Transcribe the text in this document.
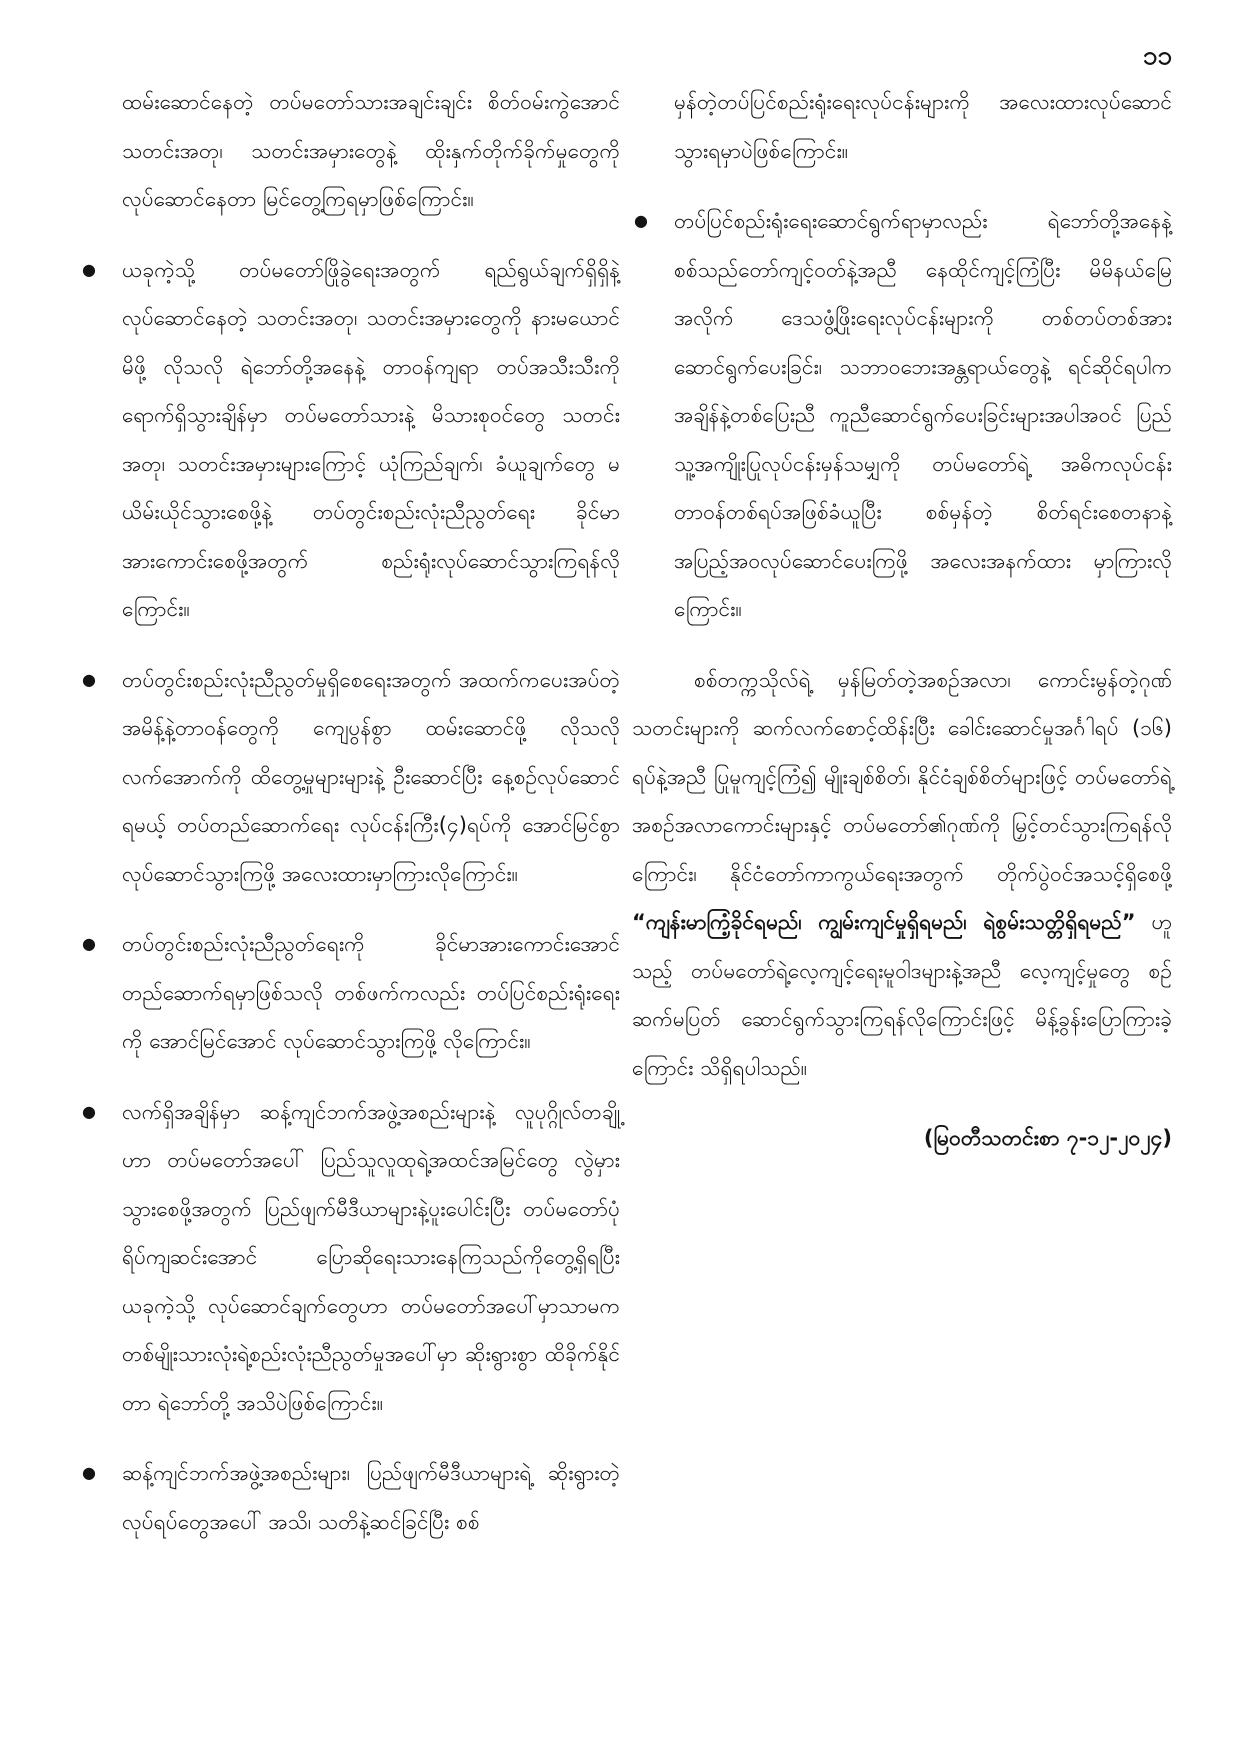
၁၁

ထမ်းဆောင်နေတဲ့ တပ်မတော်သားအချင်းချင်း စိတ်ဝမ်းကွဲအောင် သတင်းအတု၊ သတင်းအမှားတွေနဲ့ ထိုးနှက်တိုက်ခိုက်မှုတွေကို လုပ်ဆောင်နေတာ မြင်တွေ့ကြရမှာဖြစ်ကြောင်း။

● ယခုကဲ့သို့ တပ်မတော်ဖြိုခွဲရေးအတွက် ရည်ရွယ်ချက်ရှိရှိနဲ့ လုပ်ဆောင်နေတဲ့ သတင်းအတု၊ သတင်းအမှားတွေကို နားမယောင်မိဖို့ လိုသလို ရဲဘော်တို့အနေနဲ့ တာဝန်ကျရာ တပ်အသီးသီးကို ရောက်ရှိသွားချိန်မှာ တပ်မတော်သားနဲ့ မိသားစုဝင်တွေ သတင်းအတု၊ သတင်းအမှားများကြောင့် ယုံကြည်ချက်၊ ခံယူချက်တွေ မယိမ်းယိုင်သွားစေဖို့နဲ့ တပ်တွင်းစည်းလုံးညီညွတ်ရေး ခိုင်မာအားကောင်းစေဖို့အတွက် စည်းရုံးလုပ်ဆောင်သွားကြရန်လိုကြောင်း။
● တပ်တွင်းစည်းလုံးညီညွတ်မှုရှိစေရေးအတွက် အထက်ကပေးအပ်တဲ့ အမိန့်နဲ့တာဝန်တွေကို ကျေပွန်စွာ ထမ်းဆောင်ဖို့ လိုသလို လက်အောက်ကို ထိတွေ့မှုများများနဲ့ ဦးဆောင်ပြီး နေ့စဉ်လုပ်ဆောင်ရမယ့် တပ်တည်ဆောက်ရေး လုပ်ငန်းကြီး(၄)ရပ်ကို အောင်မြင်စွာ လုပ်ဆောင်သွားကြဖို့ အလေးထားမှာကြားလိုကြောင်း။
● တပ်တွင်းစည်းလုံးညီညွတ်ရေးကို ခိုင်မာအားကောင်းအောင် တည်ဆောက်ရမှာဖြစ်သလို တစ်ဖက်ကလည်း တပ်ပြင်စည်းရုံးရေးကို အောင်မြင်အောင် လုပ်ဆောင်သွားကြဖို့ လိုကြောင်း။
● လက်ရှိအချိန်မှာ ဆန့်ကျင်ဘက်အဖွဲ့အစည်းများနဲ့ လူပုဂ္ဂိုလ်တချို့ဟာ တပ်မတော်အပေါ် ပြည်သူလူထုရဲ့အထင်အမြင်တွေ လွဲမှားသွားစေဖို့အတွက် ပြည်ဖျက်မီဒီယာများနဲ့ပူးပေါင်းပြီး တပ်မတော်ပုံရိပ်ကျဆင်းအောင် ပြောဆိုရေးသားနေကြသည်ကိုတွေ့ရှိရပြီး ယခုကဲ့သို့ လုပ်ဆောင်ချက်တွေဟာ တပ်မတော်အပေါ်မှာသာမက တစ်မျိုးသားလုံးရဲ့စည်းလုံးညီညွတ်မှုအပေါ်မှာ ဆိုးရွားစွာ ထိခိုက်နိုင်တာ ရဲဘော်တို့ အသိပဲဖြစ်ကြောင်း။
● ဆန့်ကျင်ဘက်အဖွဲ့အစည်းများ၊ ပြည်ဖျက်မီဒီယာများရဲ့ ဆိုးရွားတဲ့လုပ်ရပ်တွေအပေါ် အသိ၊ သတိနဲ့ဆင်ခြင်ပြီး စစ်

မှန်တဲ့တပ်ပြင်စည်းရုံးရေးလုပ်ငန်းများကို အလေးထားလုပ်ဆောင်သွားရမှာပဲဖြစ်ကြောင်း။

● တပ်ပြင်စည်းရုံးရေးဆောင်ရွက်ရာမှာလည်း ရဲဘော်တို့အနေနဲ့ စစ်သည်တော်ကျင့်ဝတ်နဲ့အညီ နေထိုင်ကျင့်ကြံပြီး မိမိနယ်မြေအလိုက် ဒေသဖွံ့ဖြိုးရေးလုပ်ငန်းများကို တစ်တပ်တစ်အား ဆောင်ရွက်ပေးခြင်း၊ သဘာဝဘေးအန္တရာယ်တွေနဲ့ ရင်ဆိုင်ရပါက အချိန်နဲ့တစ်ပြေးညီ ကူညီဆောင်ရွက်ပေးခြင်းများအပါအဝင် ပြည်သူ့အကျိုးပြုလုပ်ငန်းမှန်သမျှကို တပ်မတော်ရဲ့ အဓိကလုပ်ငန်းတာဝန်တစ်ရပ်အဖြစ်ခံယူပြီး စစ်မှန်တဲ့ စိတ်ရင်းစေတနာနဲ့ အပြည့်အဝလုပ်ဆောင်ပေးကြဖို့ အလေးအနက်ထား မှာကြားလိုကြောင်း။

စစ်တက္ကသိုလ်ရဲ့ မှန်မြတ်တဲ့အစဉ်အလာ၊ ကောင်းမွန်တဲ့ဂုဏ်သတင်းများကို ဆက်လက်စောင့်ထိန်းပြီး ခေါင်းဆောင်မှုအင်္ဂါရပ် (၁၆) ရပ်နဲ့အညီ ပြုမူကျင့်ကြံ၍ မျိုးချစ်စိတ်၊ နိုင်ငံချစ်စိတ်များဖြင့် တပ်မတော်ရဲ့ အစဉ်အလာကောင်းများနှင့် တပ်မတော်၏ဂုဏ်ကို မြှင့်တင်သွားကြရန်လိုကြောင်း၊ နိုင်ငံတော်ကာကွယ်ရေးအတွက် တိုက်ပွဲဝင်အသင့်ရှိစေဖို့ “ကျန်းမာကြံ့ခိုင်ရမည်၊ ကျွမ်းကျင်မှုရှိရမည်၊ ရဲစွမ်းသတ္တိရှိရမည်” ဟူသည့် တပ်မတော်ရဲ့လေ့ကျင့်ရေးမူဝါဒများနဲ့အညီ လေ့ကျင့်မှုတွေ စဉ်ဆက်မပြတ် ဆောင်ရွက်သွားကြရန်လိုကြောင်းဖြင့် မိန့်ခွန်းပြောကြားခဲ့ကြောင်း သိရှိရပါသည်။

(မြဝတီသတင်းစာ ၇-၁၂-၂၀၂၄)
